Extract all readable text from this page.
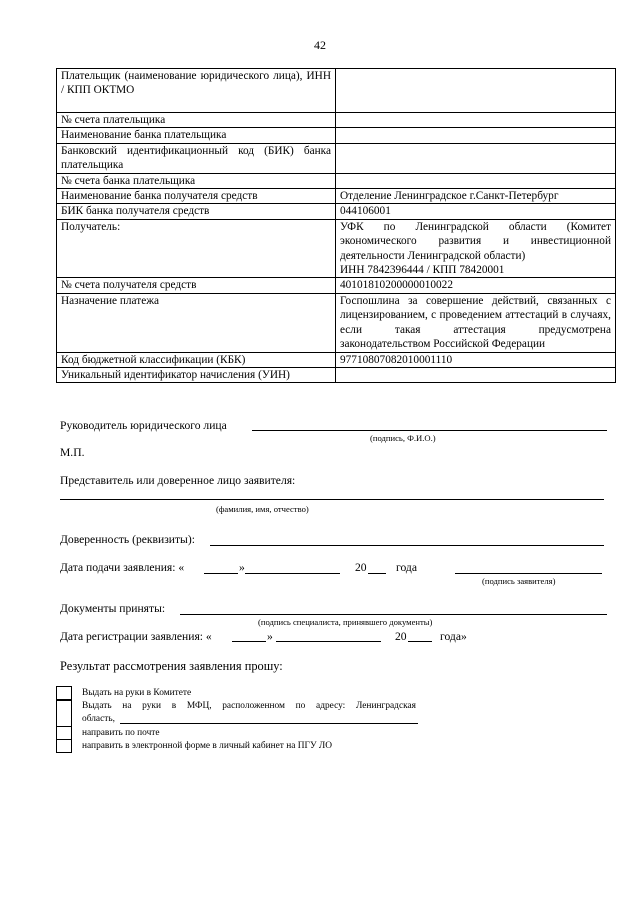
42
Плательщик (наименование юридического лица), ИНН / КПП ОКТМО	
№ счета плательщика	
Наименование банка плательщика	
Банковский идентификационный код (БИК) банка плательщика	
№ счета банка плательщика	
Наименование банка получателя средств	Отделение Ленинградское г.Санкт-Петербург
БИК банка получателя средств	044106001
Получатель:	УФК по Ленинградской области (Комитет экономического развития и инвестиционной деятельности Ленинградской области)
ИНН 7842396444 / КПП 78420001

№ счета получателя средств	40101810200000010022
Назначение платежа	Госпошлина за совершение действий, связанных с лицензированием, с проведением аттестаций в случаях, если такая аттестация предусмотрена законодательством Российской Федерации
Код бюджетной классификации (КБК)	97710807082010001110
Уникальный идентификатор начисления (УИН)	
Руководитель юридического лица
(подпись, Ф.И.О.)
М.П.
Представитель или доверенное лицо заявителя:
(фамилия, имя, отчество)
Доверенность (реквизиты):
Дата подачи заявления: «	»	20	года
(подпись заявителя)
Документы приняты:
(подпись специалиста, принявшего документы)
Дата регистрации заявления: «	»	20	года»
Результат рассмотрения заявления прошу:
Выдать на руки в Комитете
Выдать на руки в МФЦ, расположенном по адресу: Ленинградская
область,
направить по почте
направить в электронной форме в личный кабинет на ПГУ ЛО
